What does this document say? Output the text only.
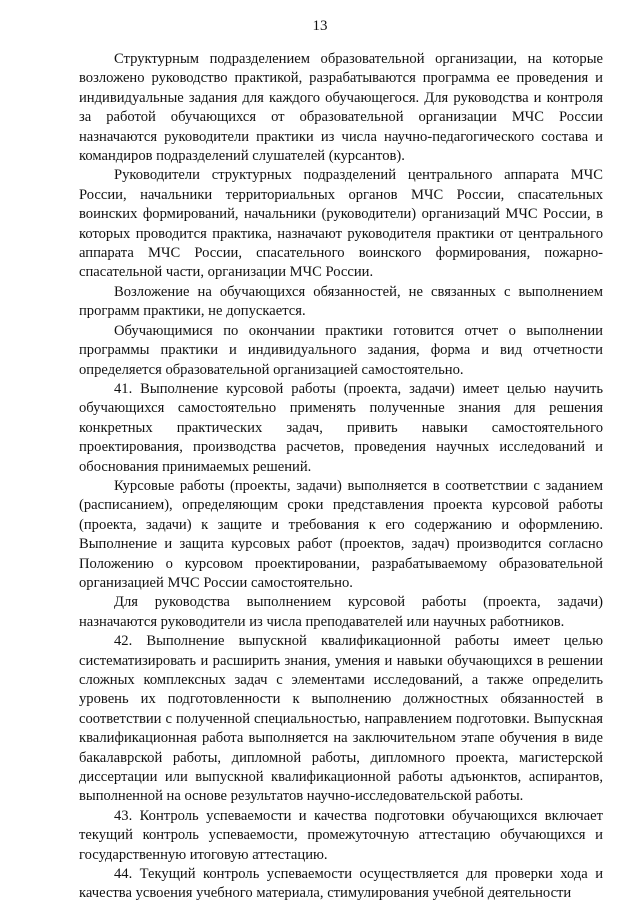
13

Структурным подразделением образовательной организации, на которые возложено руководство практикой, разрабатываются программа ее проведения и индивидуальные задания для каждого обучающегося. Для руководства и контроля за работой обучающихся от образовательной организации МЧС России назначаются руководители практики из числа научно-педагогического состава и командиров подразделений слушателей (курсантов).

Руководители структурных подразделений центрального аппарата МЧС России, начальники территориальных органов МЧС России, спасательных воинских формирований, начальники (руководители) организаций МЧС России, в которых проводится практика, назначают руководителя практики от центрального аппарата МЧС России, спасательного воинского формирования, пожарно-спасательной части, организации МЧС России.

Возложение на обучающихся обязанностей, не связанных с выполнением программ практики, не допускается.

Обучающимися по окончании практики готовится отчет о выполнении программы практики и индивидуального задания, форма и вид отчетности определяется образовательной организацией самостоятельно.

41. Выполнение курсовой работы (проекта, задачи) имеет целью научить обучающихся самостоятельно применять полученные знания для решения конкретных практических задач, привить навыки самостоятельного проектирования, производства расчетов, проведения научных исследований и обоснования принимаемых решений.

Курсовые работы (проекты, задачи) выполняется в соответствии с заданием (расписанием), определяющим сроки представления проекта курсовой работы (проекта, задачи) к защите и требования к его содержанию и оформлению. Выполнение и защита курсовых работ (проектов, задач) производится согласно Положению о курсовом проектировании, разрабатываемому образовательной организацией МЧС России самостоятельно.

Для руководства выполнением курсовой работы (проекта, задачи) назначаются руководители из числа преподавателей или научных работников.

42. Выполнение выпускной квалификационной работы имеет целью систематизировать и расширить знания, умения и навыки обучающихся в решении сложных комплексных задач с элементами исследований, а также определить уровень их подготовленности к выполнению должностных обязанностей в соответствии с полученной специальностью, направлением подготовки. Выпускная квалификационная работа выполняется на заключительном этапе обучения в виде бакалаврской работы, дипломной работы, дипломного проекта, магистерской диссертации или выпускной квалификационной работы адъюнктов, аспирантов, выполненной на основе результатов научно-исследовательской работы.

43. Контроль успеваемости и качества подготовки обучающихся включает текущий контроль успеваемости, промежуточную аттестацию обучающихся и государственную итоговую аттестацию.

44. Текущий контроль успеваемости осуществляется для проверки хода и качества усвоения учебного материала, стимулирования учебной деятельности
